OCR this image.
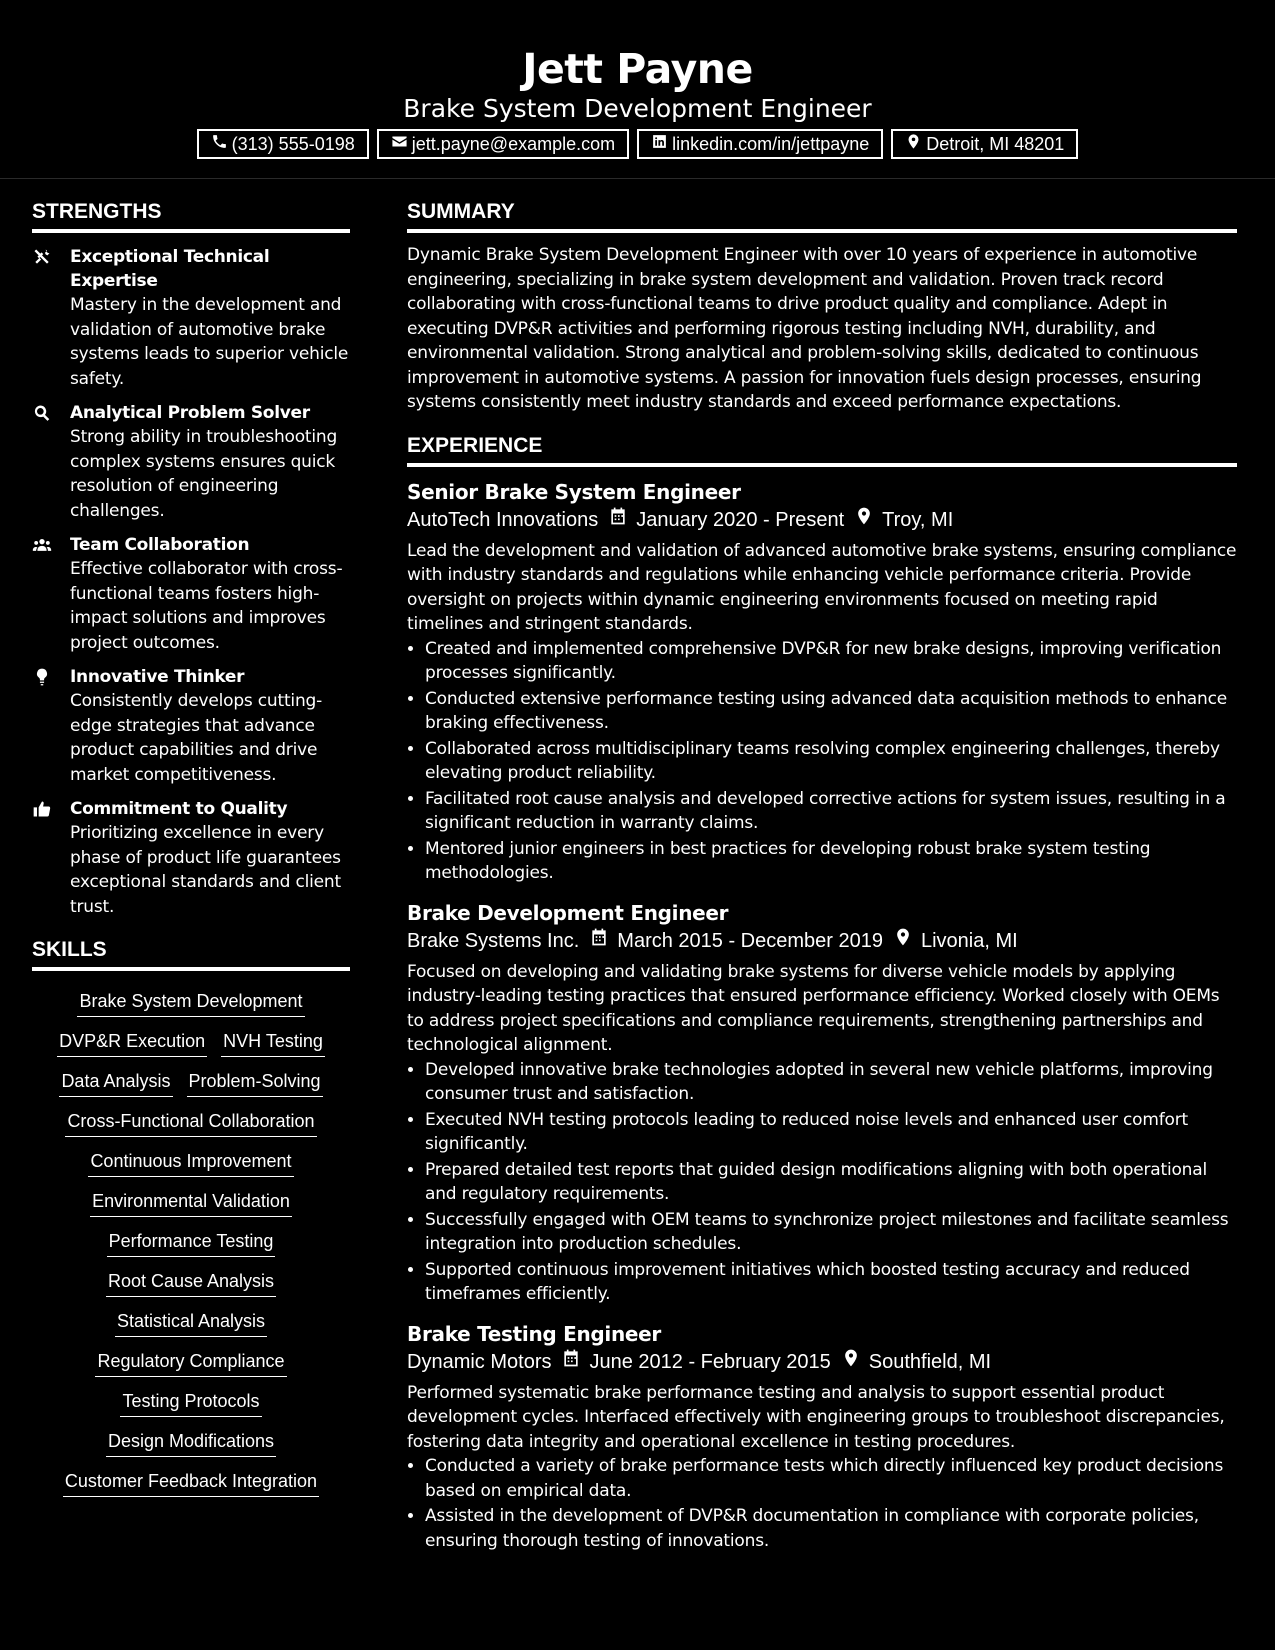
Jett Payne
Brake System Development Engineer
(313) 555-0198	jett.payne@example.com	linkedin.com/in/jettpayne	Detroit, MI 48201
STRENGTHS
Exceptional Technical Expertise
Mastery in the development and validation of automotive brake systems leads to superior vehicle safety.
Analytical Problem Solver
Strong ability in troubleshooting complex systems ensures quick resolution of engineering challenges.
Team Collaboration
Effective collaborator with cross-functional teams fosters high-impact solutions and improves project outcomes.
Innovative Thinker
Consistently develops cutting-edge strategies that advance product capabilities and drive market competitiveness.
Commitment to Quality
Prioritizing excellence in every phase of product life guarantees exceptional standards and client trust.
SKILLS
Brake System Development
DVP&R Execution NVH Testing
Data Analysis Problem-Solving
Cross-Functional Collaboration
Continuous Improvement
Environmental Validation
Performance Testing
Root Cause Analysis
Statistical Analysis
Regulatory Compliance
Testing Protocols
Design Modifications
Customer Feedback Integration
SUMMARY
Dynamic Brake System Development Engineer with over 10 years of experience in automotive engineering, specializing in brake system development and validation. Proven track record collaborating with cross-functional teams to drive product quality and compliance. Adept in executing DVP&R activities and performing rigorous testing including NVH, durability, and environmental validation. Strong analytical and problem-solving skills, dedicated to continuous improvement in automotive systems. A passion for innovation fuels design processes, ensuring systems consistently meet industry standards and exceed performance expectations.
EXPERIENCE
Senior Brake System Engineer
AutoTech Innovations January 2020 - Present Troy, MI
Lead the development and validation of advanced automotive brake systems, ensuring compliance with industry standards and regulations while enhancing vehicle performance criteria. Provide oversight on projects within dynamic engineering environments focused on meeting rapid timelines and stringent standards.
• Created and implemented comprehensive DVP&R for new brake designs, improving verification processes significantly.
• Conducted extensive performance testing using advanced data acquisition methods to enhance braking effectiveness.
• Collaborated across multidisciplinary teams resolving complex engineering challenges, thereby elevating product reliability.
• Facilitated root cause analysis and developed corrective actions for system issues, resulting in a significant reduction in warranty claims.
• Mentored junior engineers in best practices for developing robust brake system testing methodologies.
Brake Development Engineer
Brake Systems Inc. March 2015 - December 2019 Livonia, MI
Focused on developing and validating brake systems for diverse vehicle models by applying industry-leading testing practices that ensured performance efficiency. Worked closely with OEMs to address project specifications and compliance requirements, strengthening partnerships and technological alignment.
• Developed innovative brake technologies adopted in several new vehicle platforms, improving consumer trust and satisfaction.
• Executed NVH testing protocols leading to reduced noise levels and enhanced user comfort significantly.
• Prepared detailed test reports that guided design modifications aligning with both operational and regulatory requirements.
• Successfully engaged with OEM teams to synchronize project milestones and facilitate seamless integration into production schedules.
• Supported continuous improvement initiatives which boosted testing accuracy and reduced timeframes efficiently.
Brake Testing Engineer
Dynamic Motors June 2012 - February 2015 Southfield, MI
Performed systematic brake performance testing and analysis to support essential product development cycles. Interfaced effectively with engineering groups to troubleshoot discrepancies, fostering data integrity and operational excellence in testing procedures.
• Conducted a variety of brake performance tests which directly influenced key product decisions based on empirical data.
• Assisted in the development of DVP&R documentation in compliance with corporate policies, ensuring thorough testing of innovations.
